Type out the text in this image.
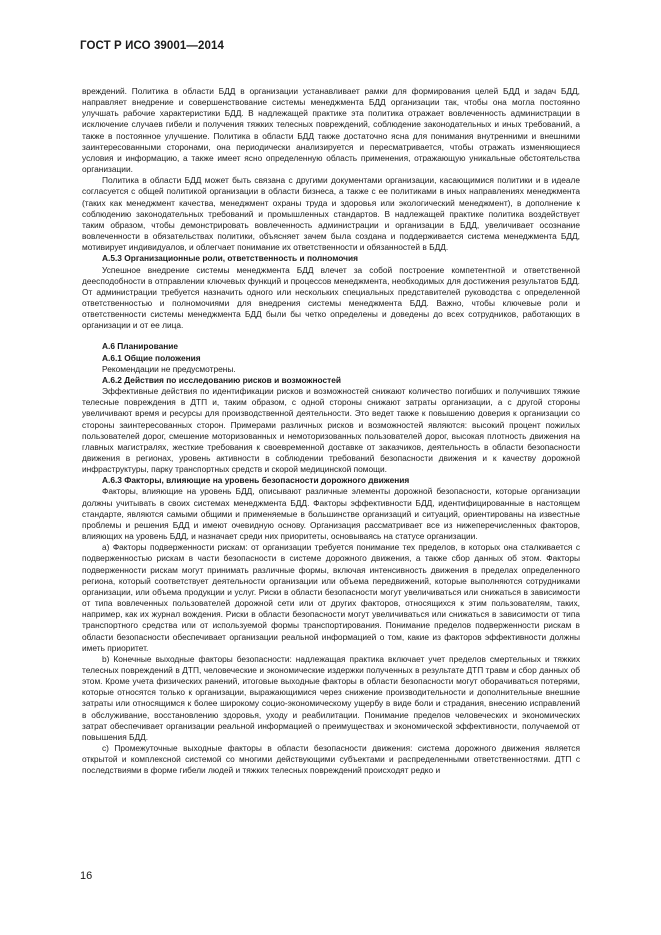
ГОСТ Р ИСО 39001—2014

вреждений. Политика в области БДД в организации устанавливает рамки для формирования целей БДД и задач БДД, направляет внедрение и совершенствование системы менеджмента БДД организации так, чтобы она могла постоянно улучшать рабочие характеристики БДД. В надлежащей практике эта политика отражает вовлеченность администрации в исключение случаев гибели и получения тяжких телесных повреждений, соблюдение законодательных и иных требований, а также в постоянное улучшение. Политика в области БДД также достаточно ясна для понимания внутренними и внешними заинтересованными сторонами, она периодически анализируется и пересматривается, чтобы отражать изменяющиеся условия и информацию, а также имеет ясно определенную область применения, отражающую уникальные обстоятельства организации.

Политика в области БДД может быть связана с другими документами организации, касающимися политики и в идеале согласуется с общей политикой организации в области бизнеса, а также с ее политиками в иных направлениях менеджмента (таких как менеджмент качества, менеджмент охраны труда и здоровья или экологический менеджмент), в дополнение к соблюдению законодательных требований и промышленных стандартов. В надлежащей практике политика воздействует таким образом, чтобы демонстрировать вовлеченность администрации и организации в БДД, увеличивает осознание вовлеченности в обязательствах политики, объясняет зачем была создана и поддерживается система менеджмента БДД, мотивирует индивидуалов, и облегчает понимание их ответственности и обязанностей в БДД.

А.5.3 Организационные роли, ответственность и полномочия

Успешное внедрение системы менеджмента БДД влечет за собой построение компетентной и ответственной деесподобности в отправлении ключевых функций и процессов менеджмента, необходимых для достижения результатов БДД. От администрации требуется назначить одного или нескольких специальных представителей руководства с определенной ответственностью и полномочиями для внедрения системы менеджмента БДД. Важно, чтобы ключевые роли и ответственности системы менеджмента БДД были бы четко определены и доведены до всех сотрудников, работающих в организации и от ее лица.

А.6 Планирование
А.6.1 Общие положения

Рекомендации не предусмотрены.

А.6.2 Действия по исследованию рисков и возможностей

Эффективные действия по идентификации рисков и возможностей снижают количество погибших и получивших тяжкие телесные повреждения в ДТП и, таким образом, с одной стороны снижают затраты организации, а с другой стороны увеличивают время и ресурсы для производственной деятельности. Это ведет также к повышению доверия к организации со стороны заинтересованных сторон. Примерами различных рисков и возможностей являются: высокий процент пожилых пользователей дорог, смешение моторизованных и немоторизованных пользователей дорог, высокая плотность движения на главных магистралях, жесткие требования к своевременной доставке от заказчиков, деятельность в области безопасности движения в регионах, уровень активности в соблюдении требований безопасности движения и к качеству дорожной инфраструктуры, парку транспортных средств и скорой медицинской помощи.

А.6.3 Факторы, влияющие на уровень безопасности дорожного движения

Факторы, влияющие на уровень БДД, описывают различные элементы дорожной безопасности, которые организации должны учитывать в своих системах менеджмента БДД. Факторы эффективности БДД, идентифицированные в настоящем стандарте, являются самыми общими и применяемые в большинстве организаций и ситуаций, ориентированы на известные проблемы и решения БДД и имеют очевидную основу. Организация рассматривает все из нижеперечисленных факторов, влияющих на уровень БДД, и назначает среди них приоритеты, основываясь на статусе организации.

а) Факторы подверженности рискам: от организации требуется понимание тех пределов, в которых она сталкивается с подверженностью рискам в части безопасности в системе дорожного движения, а также сбор данных об этом. Факторы подверженности рискам могут принимать различные формы, включая интенсивность движения в пределах определенного региона, который соответствует деятельности организации или объема передвижений, которые выполняются сотрудниками организации, или объема продукции и услуг. Риски в области безопасности могут увеличиваться или снижаться в зависимости от типа вовлеченных пользователей дорожной сети или от других факторов, относящихся к этим пользователям, таких, например, как их журнал вождения. Риски в области безопасности могут увеличиваться или снижаться в зависимости от типа транспортного средства или от используемой формы транспортирования. Понимание пределов подверженности рискам в области безопасности обеспечивает организации реальной информацией о том, какие из факторов эффективности должны иметь приоритет.

b) Конечные выходные факторы безопасности: надлежащая практика включает учет пределов смертельных и тяжких телесных повреждений в ДТП, человеческие и экономические издержки полученных в результате ДТП травм и сбор данных об этом. Кроме учета физических ранений, итоговые выходные факторы в области безопасности могут оборачиваться потерями, которые относятся только к организации, выражающимися через снижение производительности и дополнительные внешние затраты или относящимся к более широкому социо-экономическому ущербу в виде боли и страдания, внесению исправлений в обслуживание, восстановлению здоровья, уходу и реабилитации. Понимание пределов человеческих и экономических затрат обеспечивает организации реальной информацией о преимуществах и экономической эффективности, получаемой от повышения БДД.

с) Промежуточные выходные факторы в области безопасности движения: система дорожного движения является открытой и комплексной системой со многими действующими субъектами и распределенными ответственностями. ДТП с последствиями в форме гибели людей и тяжких телесных повреждений происходят редко и

16
